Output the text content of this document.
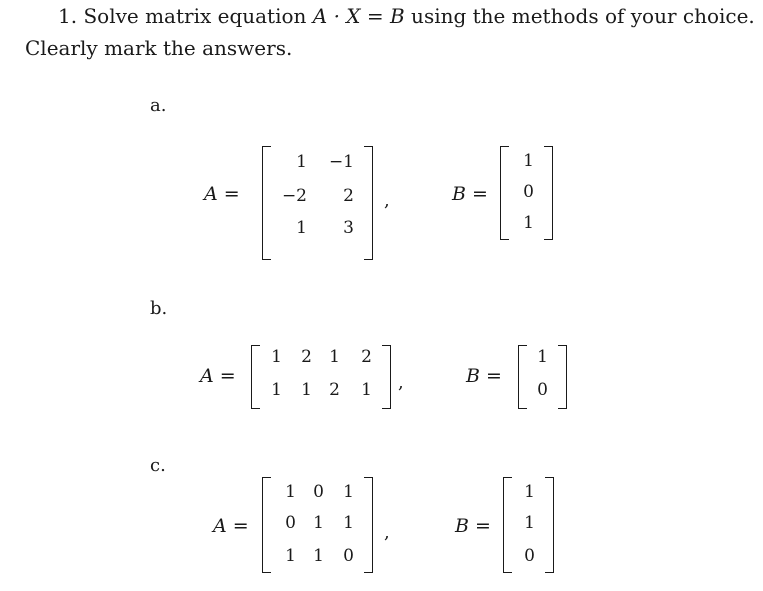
1. Solve matrix equation A · X = B using the methods of your choice.
Clearly mark the answers.
a.
A =
1 −1
−2	2
1	3
,	B =
1
0
1
b.
A =
1	2	1	2
1	1	2	1 ,	B =
1
0
c.
A =
1	0	1
0	1	1
1	1	0
,	B =
1
1
0
